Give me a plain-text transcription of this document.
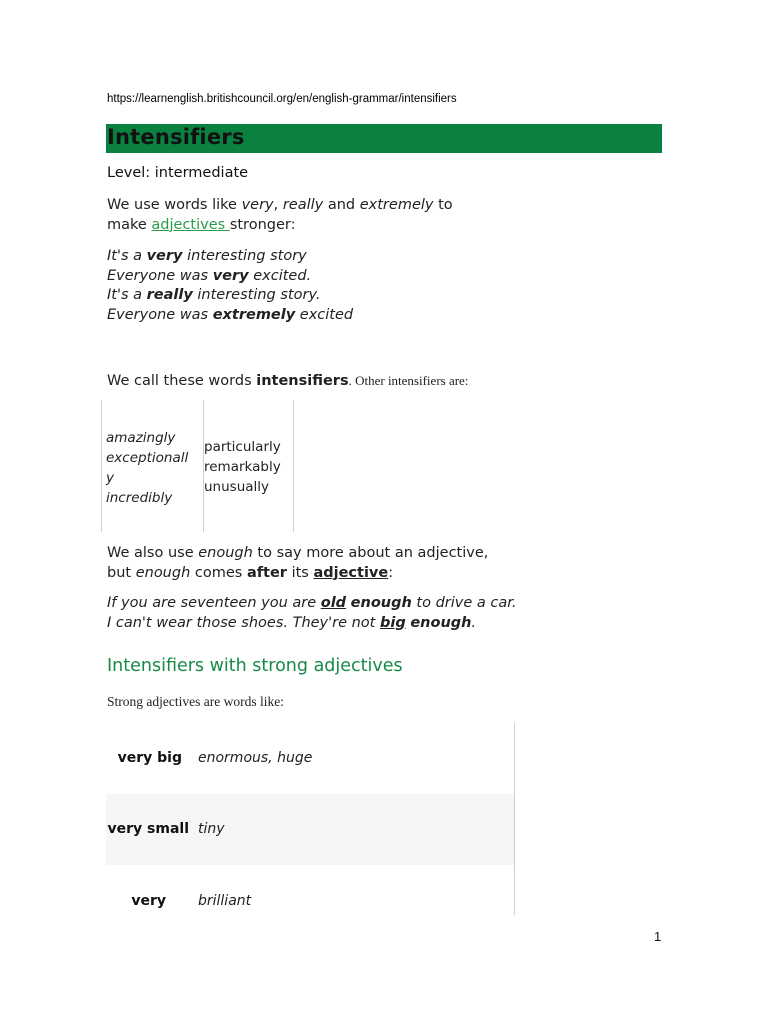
https://learnenglish.britishcouncil.org/en/english-grammar/intensifiers
Intensifiers
Level: intermediate
We use words like very, really and extremely to
make adjectives stronger:
It's a very interesting story
Everyone was very excited.
It's a really interesting story.
Everyone was extremely excited
We call these words intensifiers. Other intensifiers are:
amazingly
exceptionall
y
incredibly
particularly
remarkably
unusually
We also use enough to say more about an adjective,
but enough comes after its adjective:
If you are seventeen you are old enough to drive a car.
I can't wear those shoes. They're not big enough.
Intensifiers with strong adjectives
Strong adjectives are words like:
very big enormous, huge
very small tiny
very brilliant
1
